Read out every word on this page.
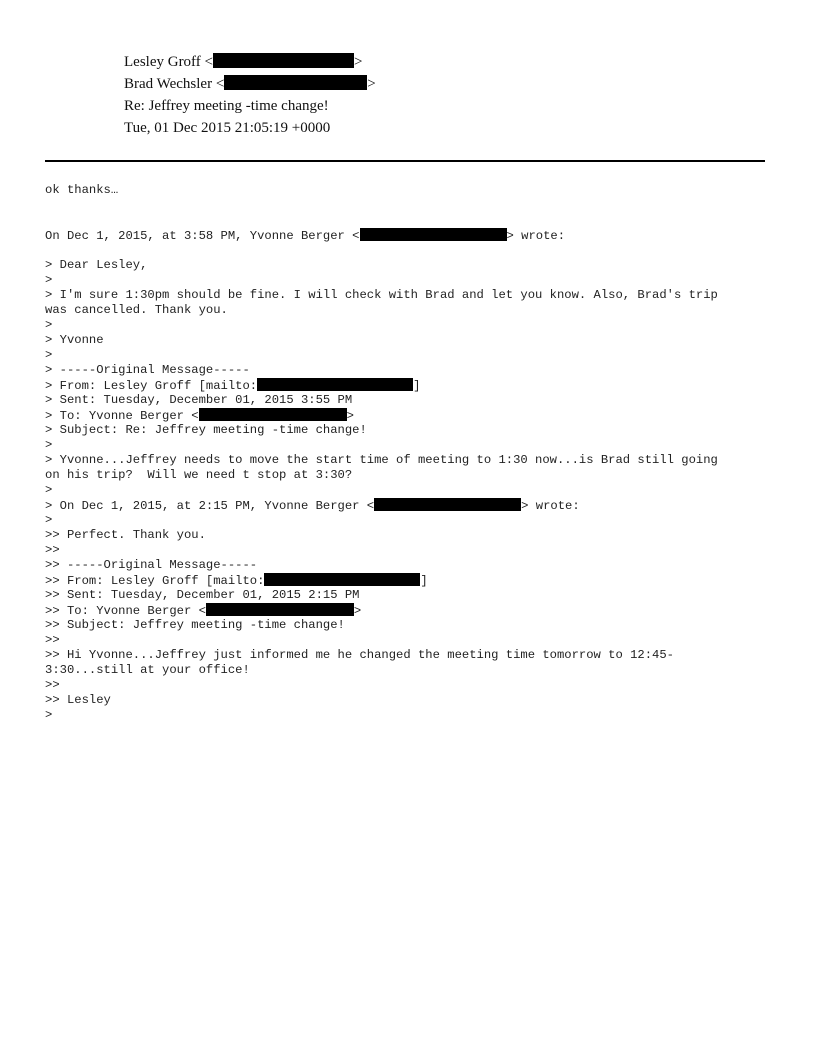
Lesley Groff <	>
Brad Wechsler <	>
Re: Jeffrey meeting -time change!
Tue, 01 Dec 2015 21:05:19 +0000
ok thanks…
On Dec 1, 2015, at 3:58 PM, Yvonne Berger <	> wrote:
> Dear Lesley,
>
> I'm sure 1:30pm should be fine. I will check with Brad and let you know. Also, Brad's trip
was cancelled. Thank you.
>
> Yvonne
>
> -----Original Message-----
> From: Lesley Groff [mailto:	]
> Sent: Tuesday, December 01, 2015 3:55 PM
> To: Yvonne Berger <	>
> Subject: Re: Jeffrey meeting -time change!
>
> Yvonne...Jeffrey needs to move the start time of meeting to 1:30 now...is Brad still going
on his trip?  Will we need t stop at 3:30?
>
> On Dec 1, 2015, at 2:15 PM, Yvonne Berger <	> wrote:
>
>> Perfect. Thank you.
>>
>> -----Original Message-----
>> From: Lesley Groff [mailto:	]
>> Sent: Tuesday, December 01, 2015 2:15 PM
>> To: Yvonne Berger <	>
>> Subject: Jeffrey meeting -time change!
>>
>> Hi Yvonne...Jeffrey just informed me he changed the meeting time tomorrow to 12:45-
3:30...still at your office!
>>
>> Lesley
>
